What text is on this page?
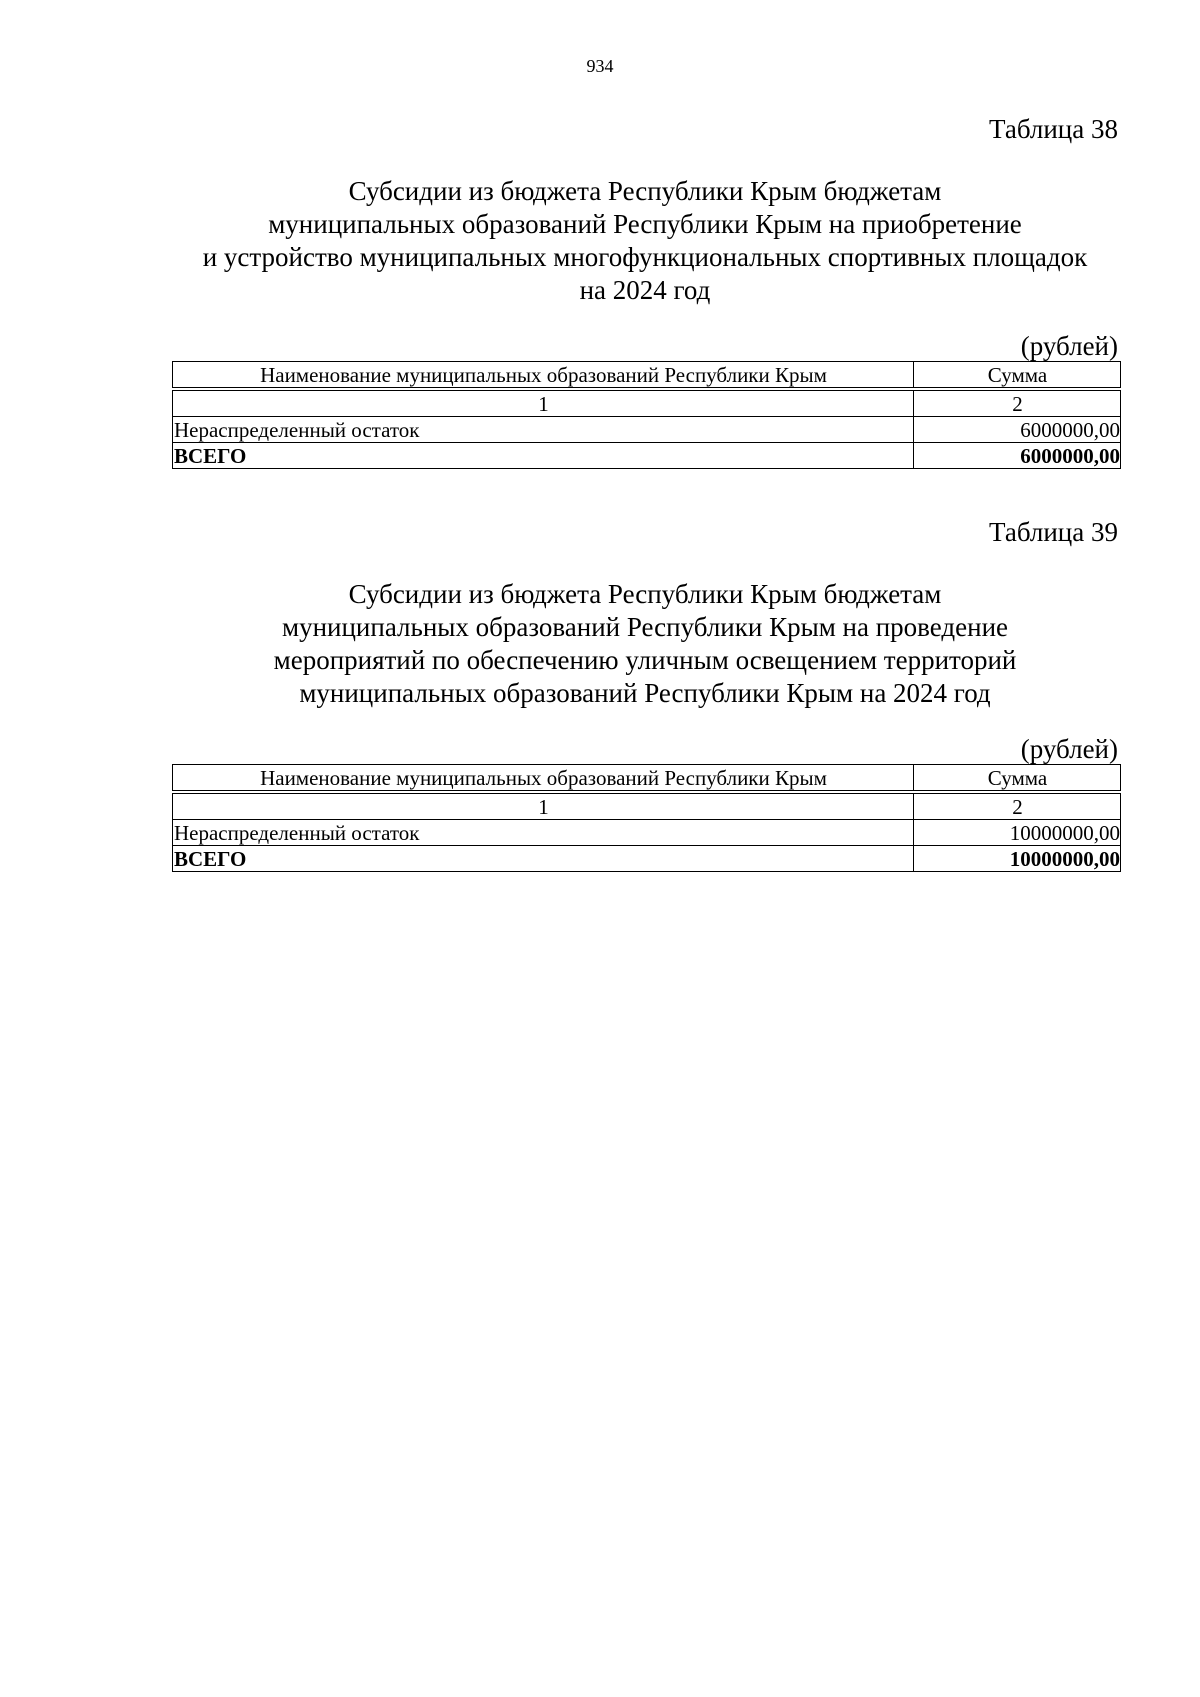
934
Таблица 38
Субсидии из бюджета Республики Крым бюджетам
муниципальных образований Республики Крым на приобретение
и устройство муниципальных многофункциональных спортивных площадок
на 2024 год
(рублей)
Наименование муниципальных образований Республики Крым	Сумма

1	2
Нераспределенный остаток	6000000,00
ВСЕГО	6000000,00
Таблица 39
Субсидии из бюджета Республики Крым бюджетам
муниципальных образований Республики Крым на проведение
мероприятий по обеспечению уличным освещением территорий
муниципальных образований Республики Крым на 2024 год
(рублей)
Наименование муниципальных образований Республики Крым	Сумма

1	2
Нераспределенный остаток	10000000,00
ВСЕГО	10000000,00
